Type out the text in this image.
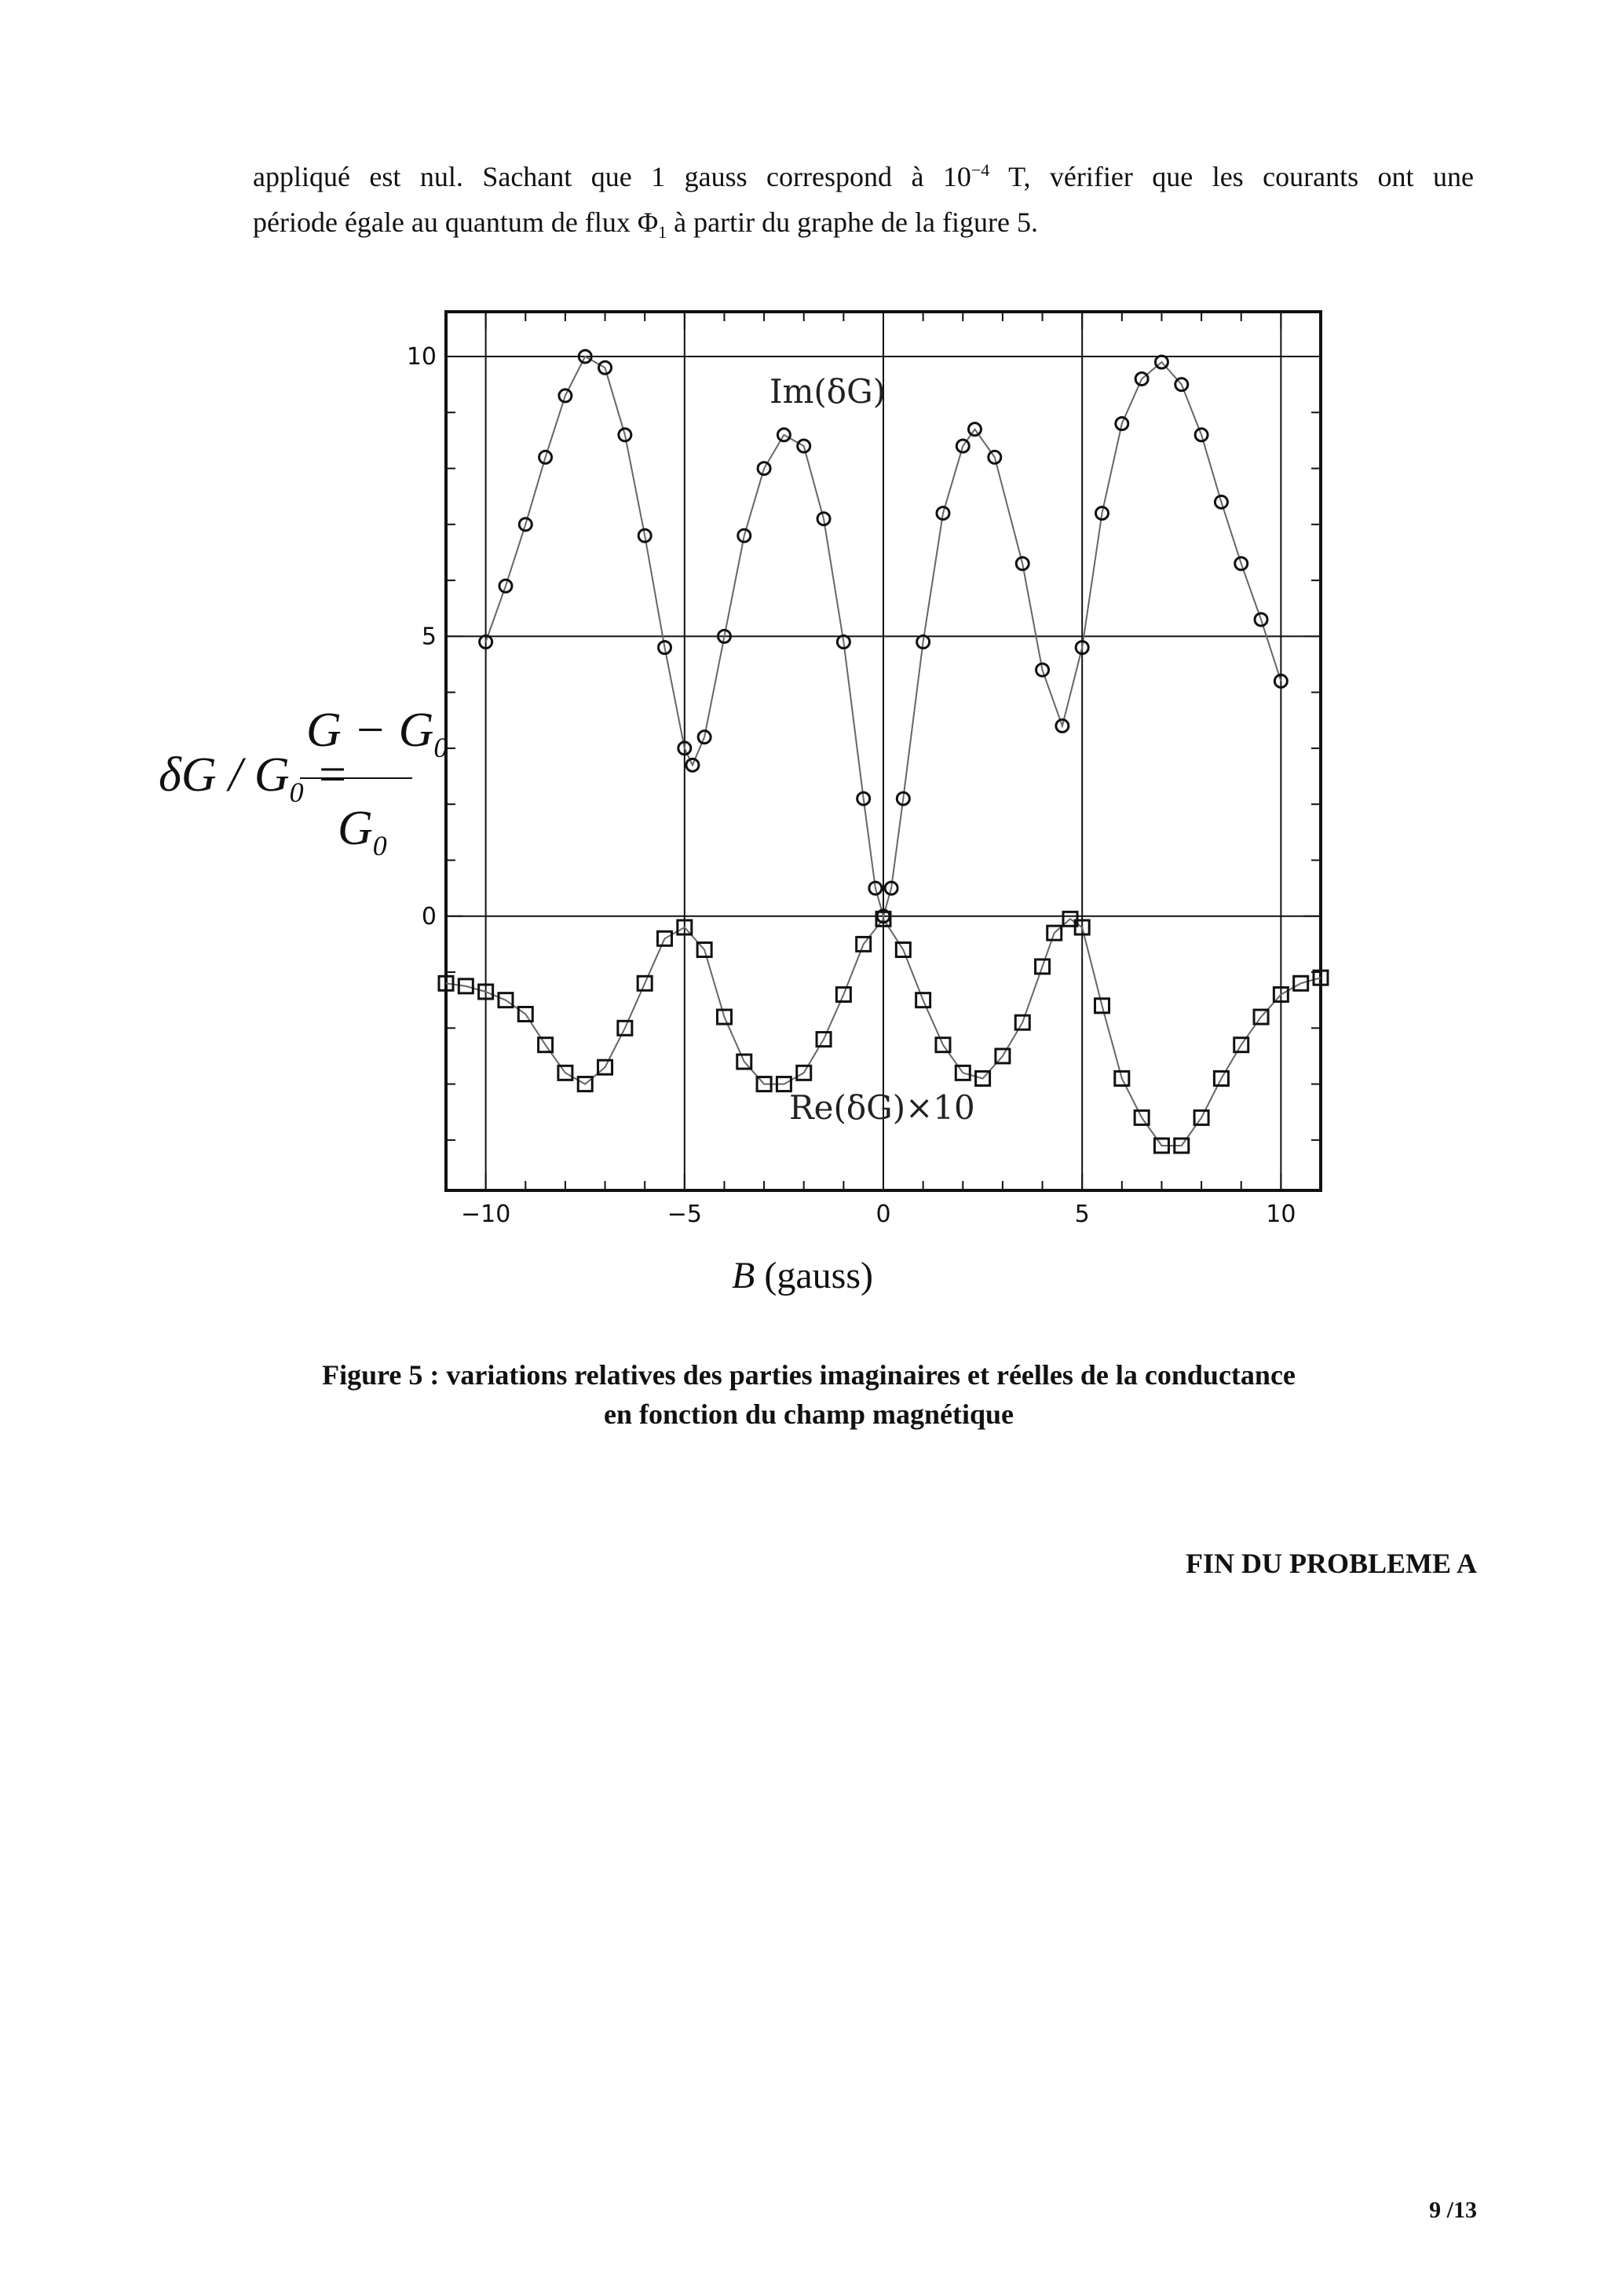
appliqué est nul. Sachant que 1 gauss correspond à $10^{-4}$ T, vérifier que les courants ont une

période égale au quantum de flux $\Phi_1$ à partir du graphe de la figure 5.

−10	−5	0	5	10
0
5
10
Im(δG)
Re(δG)×10
δG / $G_0$ =
$G - G_0$
$G_0$
B (gauss)

Figure 5 : variations relatives des parties imaginaires et réelles de la conductance

en fonction du champ magnétique

FIN DU PROBLEME A
9 /13
